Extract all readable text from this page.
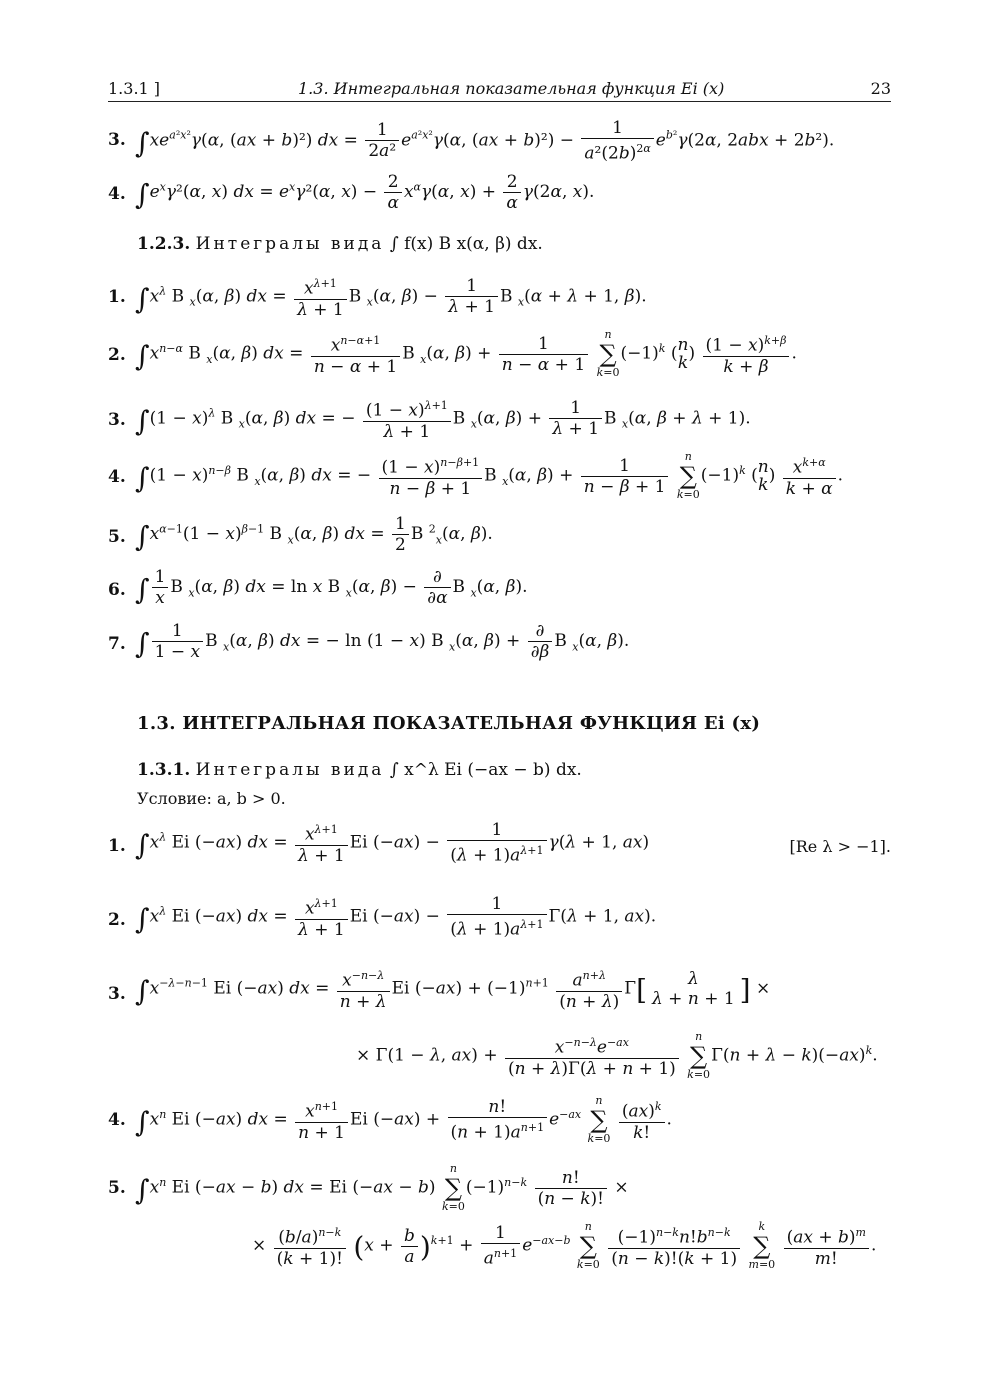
1.3.1 ]	1.3. Интегральная показательная функция Ei (x)	23
3. $\int xe^{a^2x^2}\gamma(\alpha$, (ax + b)²) dx = $\frac{1}{\text{2a²}} e^{a^2x^2}\gamma(\alpha$, $(ax + b)^2) - \frac{1}{a^2(2b)^{2\alpha}} e^{b^2}\gamma(2\alpha$, 2abx + 2b²).
4. $\int e^x\gamma^2(\alpha$, x) dx = $e^x\gamma^2(\alpha$, $x) - \frac{2}{\alpha} x^\alpha\gamma(\alpha$, $x) + \frac{2}{\alpha} \gamma(2\alpha$, x).
1.2.3. Интегралы вида ∫ f(x) B x(α, β) dx.
1. $\int x^\lambda$ B $_x$(α, β) dx = $\frac{x^{\lambda+1}}{\lambda + 1}$ B $_x$(α, $\beta) - \frac{1}{\lambda + 1}$ B $_x$(α + λ + 1, β).
2. $\int x^{n-\alpha}$ B $_x$(α, β) dx = $\frac{x^{n-\alpha+1}}{n - \alpha + 1}$ B $_x$(α, $\beta) + \frac{1}{n - \alpha + 1}$
	n
∑
k=0
$(-1)^k$ (n
$k) \frac{(1 - x)^{k+\beta}}{k + \beta}$ .
3. $\int(1 - x)^\lambda$ B $_x$(α, β) dx = − $\frac{(1 - x)^{\lambda+1}}{\lambda + 1}$ B $_x$(α, $\beta) + \frac{1}{\lambda + 1}$ B $_x$(α, β + λ + 1).
4. $\int(1 - x)^{n-\beta}$ B $_x$(α, β) dx = − $\frac{(1 - x)^{n-\beta+1}}{n - \beta + 1}$ B $_x$(α, $\beta) + \frac{1}{n - \beta + 1}$
	n
∑
k=0
$(-1)^k$ (n
$k) \frac{x^{k+\alpha}}{k + \alpha}$ .
5. $\int x^{\alpha-1}(1 - x)^{\beta-1}$ B $_x$(α, β) dx = $\frac{1}{2}$ B $^2_x$(α, β).
6. ∫ $\frac{1}{x}$ B $_x$(α, β) dx = ln x B $_x$(α, $\beta) - \frac{\partial}{\partial\alpha}$ B $_x$(α, β).
7. ∫ $\frac{1}{1 - x}$ B $_x$(α, β) dx = − ln (1 − x) B $_x$(α, $\beta) + \frac{\partial}{\partial\beta}$ B $_x$(α, β).
1.3. ИНТЕГРАЛЬНАЯ ПОКАЗАТЕЛЬНАЯ ФУНКЦИЯ Ei (x)
1.3.1. Интегралы вида ∫ x^λ Ei (−ax − b) dx.
Условие: a, b > 0.
1. $\int x^\lambda$ Ei (−ax) dx = $\frac{x^{\lambda+1}}{\lambda + 1}$ Ei $(-ax) - \frac{1}{(\lambda + 1)a^{\lambda+1}} \gamma(\lambda + 1$, ax)	[Re λ > −1].
2. $\int x^\lambda$ Ei (−ax) dx = $\frac{x^{\lambda+1}}{\lambda + 1}$ Ei $(-ax) - \frac{1}{(\lambda + 1)a^{\lambda+1}} \Gamma(\lambda + 1$, ax).
3. $\int x^{-\lambda-n-1}$ Ei (−ax) dx = $\frac{x^{-n-\lambda}}{n + \lambda}$ Ei $(-ax) + (-1)^{n+1} \frac{a^{n+\lambda}}{(n + \lambda)} \Gamma$[	λ
λ + n + 1 ] ×
× Γ(1 − λ, $ax) + \frac{x^{-n-\lambda}e^{-ax}}{(n + \lambda)\Gamma(\lambda + n + 1)}$
	n
∑
k=0
$\Gamma(n + \lambda - k)(-ax)^k$.
4. $\int x^n$ Ei (−ax) dx = $\frac{x^{n+1}}{n + 1}$ Ei $(-ax) + \frac{n!}{(n + 1)a^{n+1}} e^{-ax}$
n
∑
k=0
$\frac{(ax)^k}{k!}$ .
5. $\int x^n$ Ei (−ax − b) dx = Ei (−ax − b)
n
∑
k=0
$(-1)^{n-k} \frac{n!}{(n - k)!}$ ×
× $\frac{(b/a)^{n-k}}{(k + 1)!} (x + \frac{b}{a} )^{k+1} + \frac{1}{a^{n+1}} e^{-ax-b}$
n
∑
k=0
$\frac{(-1)^{n-k}n!b^{n-k}}{(n - k)!(k + 1)}$
	k
∑
m=0
$\frac{(ax + b)^m}{m!}$ .
